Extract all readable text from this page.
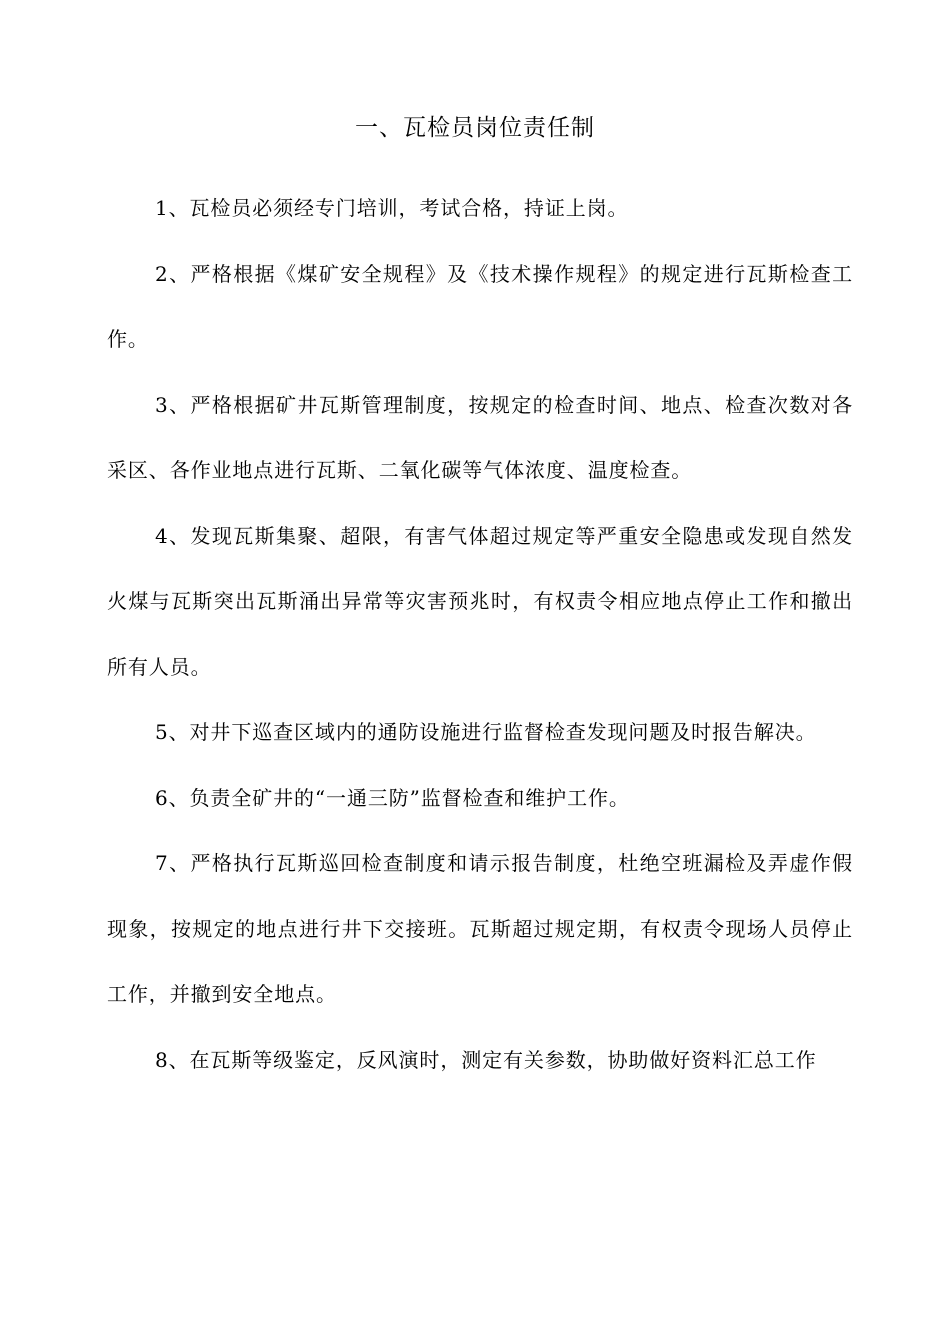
一、瓦检员岗位责任制

1、瓦检员必须经专门培训，考试合格，持证上岗。

2、严格根据《煤矿安全规程》及《技术操作规程》的规定进行瓦斯检查工作。

3、严格根据矿井瓦斯管理制度，按规定的检查时间、地点、检查次数对各采区、各作业地点进行瓦斯、二氧化碳等气体浓度、温度检查。

4、发现瓦斯集聚、超限，有害气体超过规定等严重安全隐患或发现自然发火煤与瓦斯突出瓦斯涌出异常等灾害预兆时，有权责令相应地点停止工作和撤出所有人员。

5、对井下巡查区域内的通防设施进行监督检查发现问题及时报告解决。

6、负责全矿井的“一通三防”监督检查和维护工作。

7、严格执行瓦斯巡回检查制度和请示报告制度，杜绝空班漏检及弄虚作假现象，按规定的地点进行井下交接班。瓦斯超过规定期，有权责令现场人员停止工作，并撤到安全地点。

8、在瓦斯等级鉴定，反风演时，测定有关参数，协助做好资料汇总工作
